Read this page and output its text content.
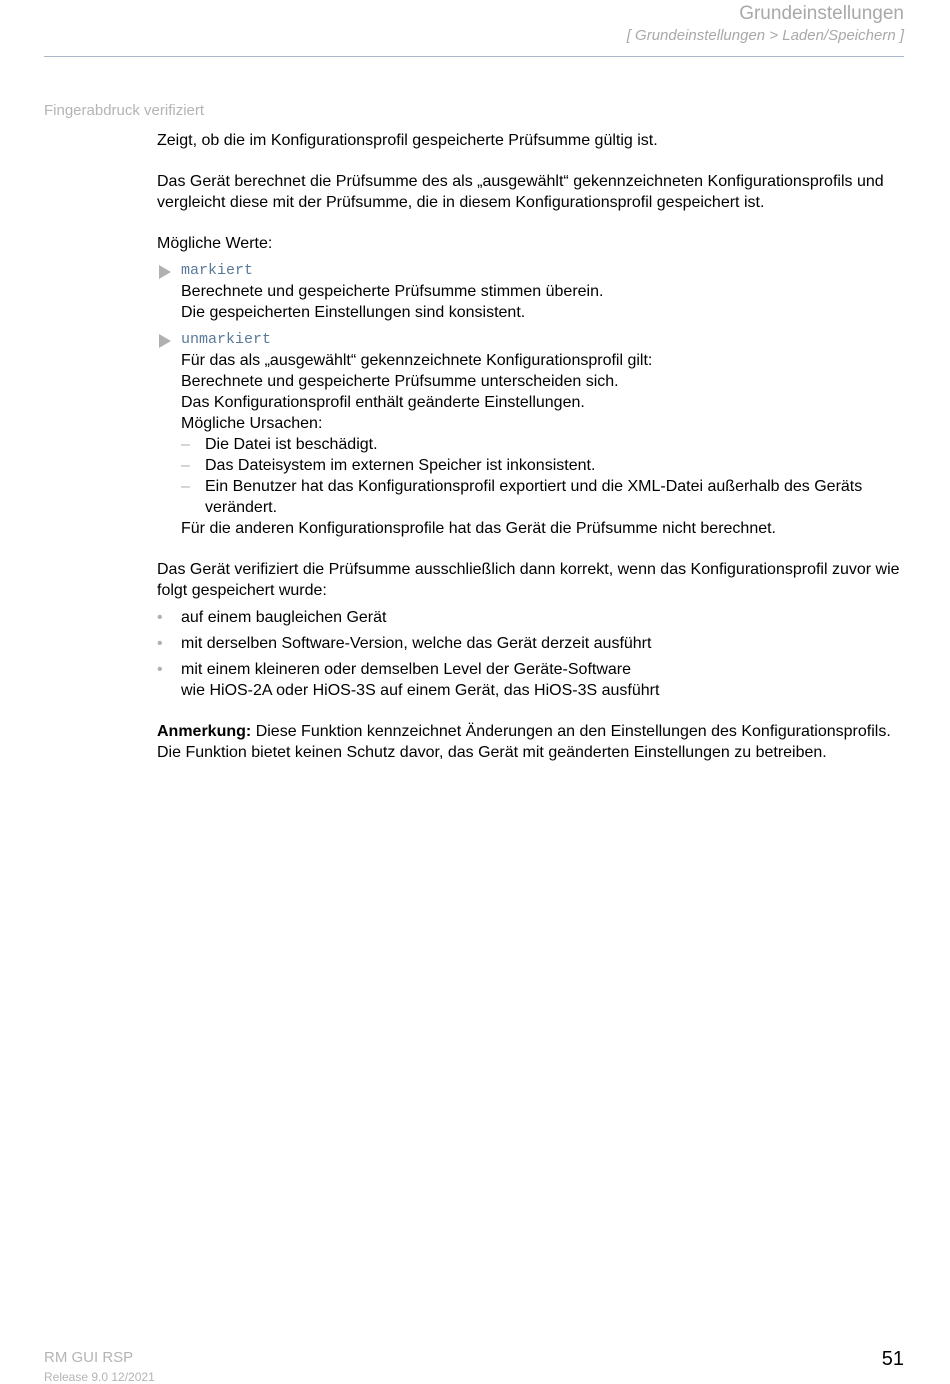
Grundeinstellungen
[ Grundeinstellungen > Laden/Speichern ]
Fingerabdruck verifiziert

Zeigt, ob die im Konfigurationsprofil gespeicherte Prüfsumme gültig ist.

Das Gerät berechnet die Prüfsumme des als „ausgewählt“ gekennzeichneten Konfigurationsprofils und vergleicht diese mit der Prüfsumme, die in diesem Konfigurationsprofil gespeichert ist.

Mögliche Werte:

markiert
Berechnete und gespeicherte Prüfsumme stimmen überein.
Die gespeicherten Einstellungen sind konsistent.
unmarkiert
Für das als „ausgewählt“ gekennzeichnete Konfigurationsprofil gilt:
Berechnete und gespeicherte Prüfsumme unterscheiden sich.
Das Konfigurationsprofil enthält geänderte Einstellungen.
Mögliche Ursachen:
– Die Datei ist beschädigt.
– Das Dateisystem im externen Speicher ist inkonsistent.
– Ein Benutzer hat das Konfigurationsprofil exportiert und die XML-Datei außerhalb des Geräts verändert.
Für die anderen Konfigurationsprofile hat das Gerät die Prüfsumme nicht berechnet.

Das Gerät verifiziert die Prüfsumme ausschließlich dann korrekt, wenn das Konfigurationsprofil zuvor wie folgt gespeichert wurde:

• auf einem baugleichen Gerät
• mit derselben Software-Version, welche das Gerät derzeit ausführt
• mit einem kleineren oder demselben Level der Geräte-Software
wie HiOS-2A oder HiOS-3S auf einem Gerät, das HiOS-3S ausführt

Anmerkung: Diese Funktion kennzeichnet Änderungen an den Einstellungen des Konfigurationsprofils. Die Funktion bietet keinen Schutz davor, das Gerät mit geänderten Einstellungen zu betreiben.

RM GUI RSP
Release 9.0 12/2021
51
